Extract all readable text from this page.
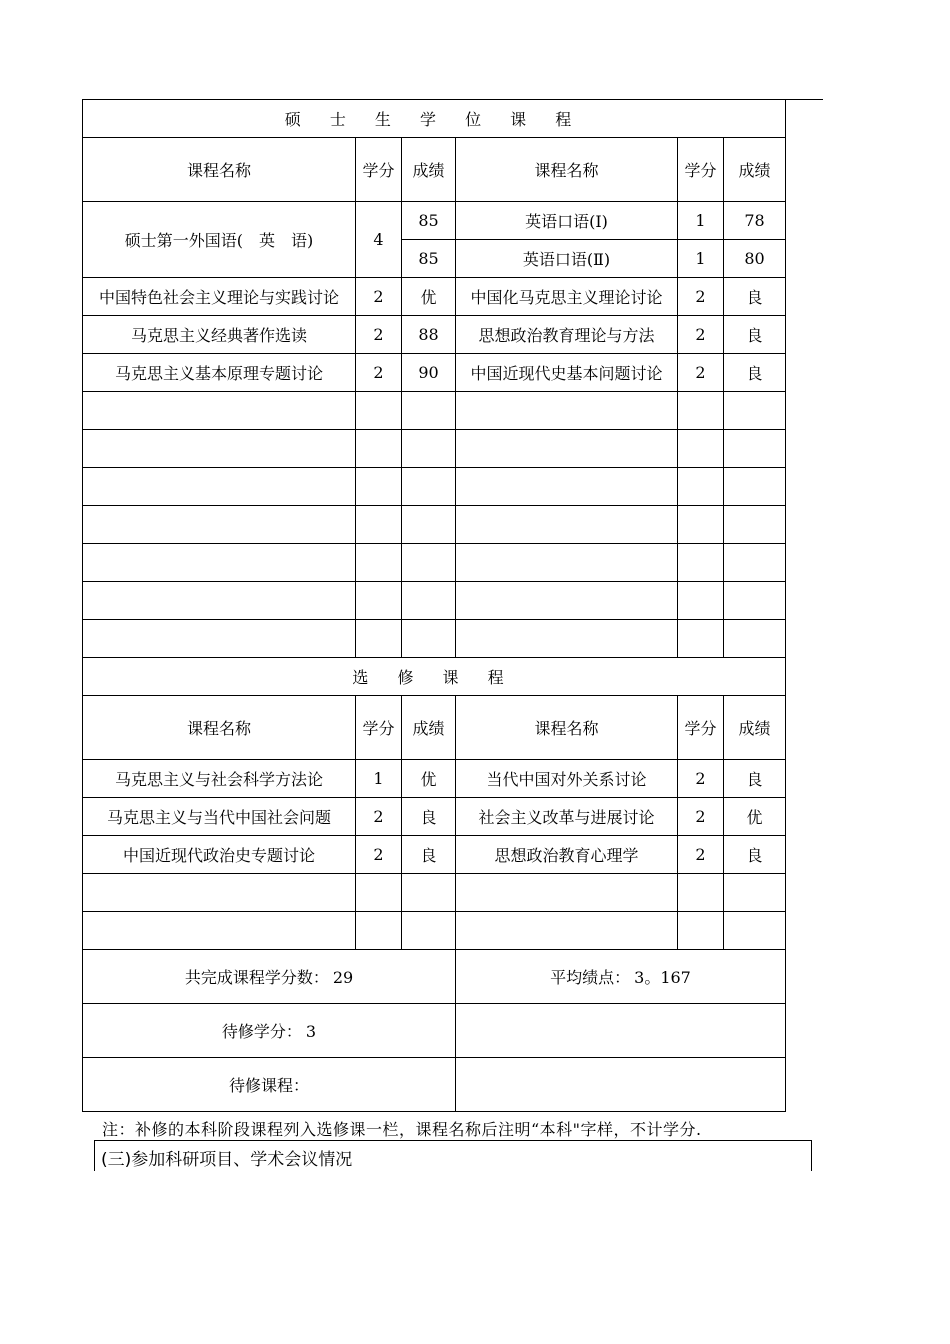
硕 士 生 学 位 课 程					
课程名称	学分	成绩	课程名称	学分	成绩
硕士第一外国语(　英　语)	4	85	英语口语(Ⅰ)	1	78
		85	英语口语(Ⅱ)	1	80
中国特色社会主义理论与实践讨论	2	优	中国化马克思主义理论讨论	2	良
马克思主义经典著作选读	2	88	思想政治教育理论与方法	2	良
马克思主义基本原理专题讨论	2	90	中国近现代史基本问题讨论	2	良

选 修 课 程					
课程名称	学分	成绩	课程名称	学分	成绩
马克思主义与社会科学方法论	1	优	当代中国对外关系讨论	2	良
马克思主义与当代中国社会问题	2	良	社会主义改革与进展讨论	2	优
中国近现代政治史专题讨论	2	良	思想政治教育心理学	2	良

共完成课程学分数： 29			平均绩点： 3。167		
待修学分： 3					
待修课程：					
注：补修的本科阶段课程列入选修课一栏，课程名称后注明“本科"字样，不计学分.
(三)参加科研项目、学术会议情况
